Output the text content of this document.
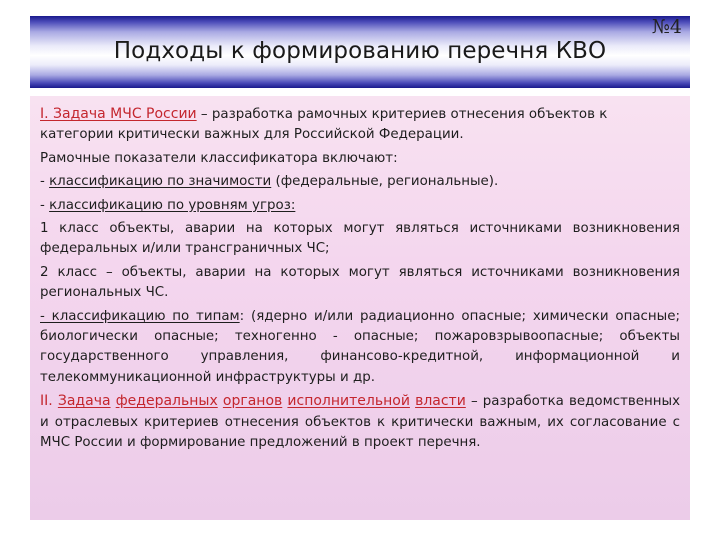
№4
Подходы к формированию перечня КВО

I. Задача МЧС России – разработка рамочных критериев отнесения объектов к категории критически важных для Российской Федерации.

Рамочные показатели классификатора включают:

- классификацию по значимости (федеральные, региональные).

- классификацию по уровням угроз:

1 класс объекты, аварии на которых могут являться источниками возникновения федеральных и/или трансграничных ЧС;

2 класс – объекты, аварии на которых могут являться источниками возникновения региональных ЧС.

- классификацию по типам: (ядерно и/или радиационно опасные; химически опасные; биологически опасные; техногенно - опасные; пожаровзрывоопасные; объекты государственного управления, финансово-кредитной, информационной и телекоммуникационной инфраструктуры и др.

II. Задача федеральных органов исполнительной власти – разработка ведомственных и отраслевых критериев отнесения объектов к критически важным, их согласование с МЧС России и формирование предложений в проект перечня.
